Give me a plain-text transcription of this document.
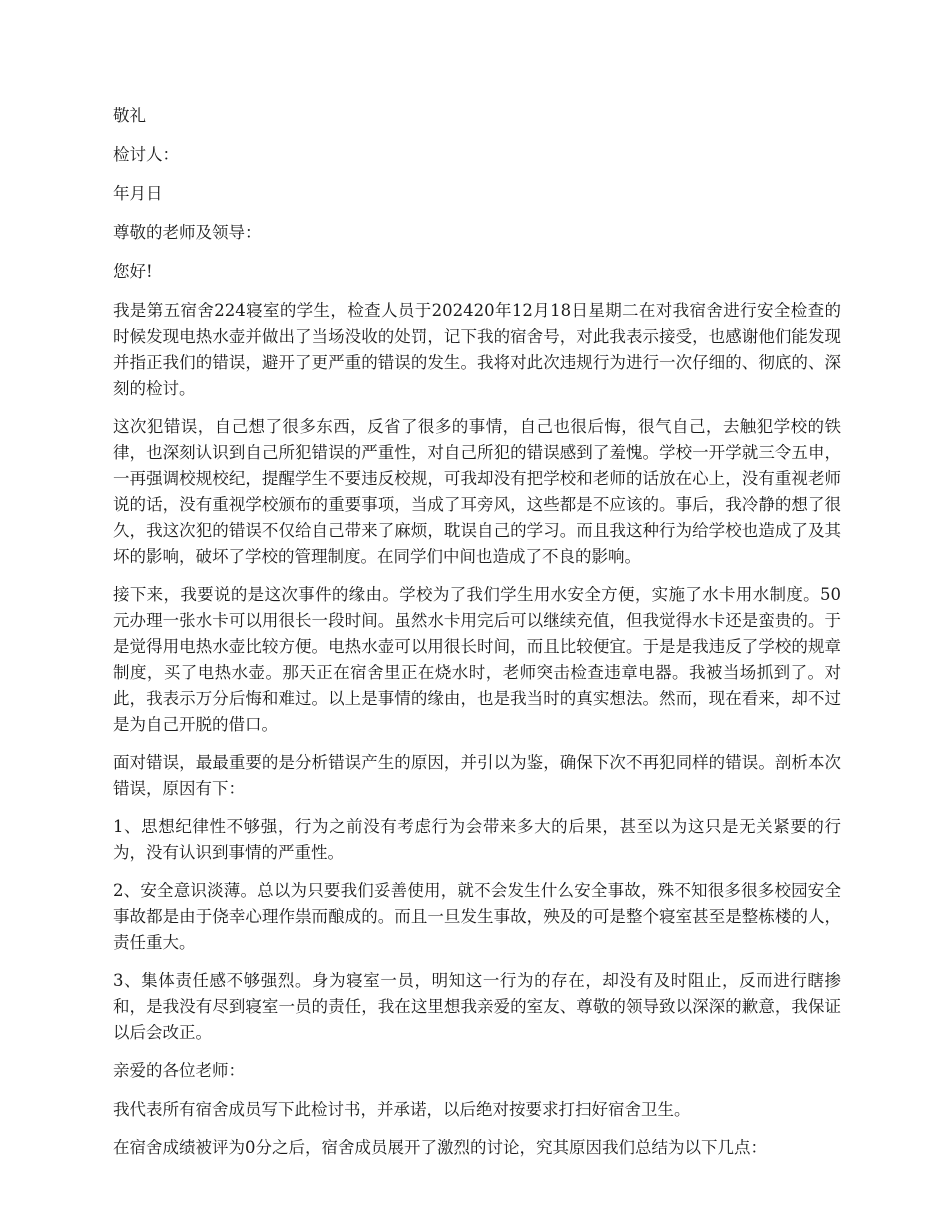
敬礼

检讨人：

年月日

尊敬的老师及领导：

您好!

我是第五宿舍224寝室的学生，检查人员于202420年12月18日星期二在对我宿舍进行安全检查的时候发现电热水壶并做出了当场没收的处罚，记下我的宿舍号，对此我表示接受，也感谢他们能发现并指正我们的错误，避开了更严重的错误的发生。我将对此次违规行为进行一次仔细的、彻底的、深刻的检讨。

这次犯错误，自己想了很多东西，反省了很多的事情，自己也很后悔，很气自己，去触犯学校的铁律，也深刻认识到自己所犯错误的严重性，对自己所犯的错误感到了羞愧。学校一开学就三令五申，一再强调校规校纪，提醒学生不要违反校规，可我却没有把学校和老师的话放在心上，没有重视老师说的话，没有重视学校颁布的重要事项，当成了耳旁风，这些都是不应该的。事后，我冷静的想了很久，我这次犯的错误不仅给自己带来了麻烦，耽误自己的学习。而且我这种行为给学校也造成了及其坏的影响，破坏了学校的管理制度。在同学们中间也造成了不良的影响。

接下来，我要说的是这次事件的缘由。学校为了我们学生用水安全方便，实施了水卡用水制度。50元办理一张水卡可以用很长一段时间。虽然水卡用完后可以继续充值，但我觉得水卡还是蛮贵的。于是觉得用电热水壶比较方便。电热水壶可以用很长时间，而且比较便宜。于是是我违反了学校的规章制度，买了电热水壶。那天正在宿舍里正在烧水时，老师突击检查违章电器。我被当场抓到了。对此，我表示万分后悔和难过。以上是事情的缘由，也是我当时的真实想法。然而，现在看来，却不过是为自己开脱的借口。

面对错误，最最重要的是分析错误产生的原因，并引以为鉴，确保下次不再犯同样的错误。剖析本次错误，原因有下：

1、思想纪律性不够强，行为之前没有考虑行为会带来多大的后果，甚至以为这只是无关紧要的行为，没有认识到事情的严重性。

2、安全意识淡薄。总以为只要我们妥善使用，就不会发生什么安全事故，殊不知很多很多校园安全事故都是由于侥幸心理作祟而酿成的。而且一旦发生事故，殃及的可是整个寝室甚至是整栋楼的人，责任重大。

3、集体责任感不够强烈。身为寝室一员，明知这一行为的存在，却没有及时阻止，反而进行瞎掺和，是我没有尽到寝室一员的责任，我在这里想我亲爱的室友、尊敬的领导致以深深的歉意，我保证以后会改正。

亲爱的各位老师：

我代表所有宿舍成员写下此检讨书，并承诺，以后绝对按要求打扫好宿舍卫生。

在宿舍成绩被评为0分之后，宿舍成员展开了激烈的讨论，究其原因我们总结为以下几点：
